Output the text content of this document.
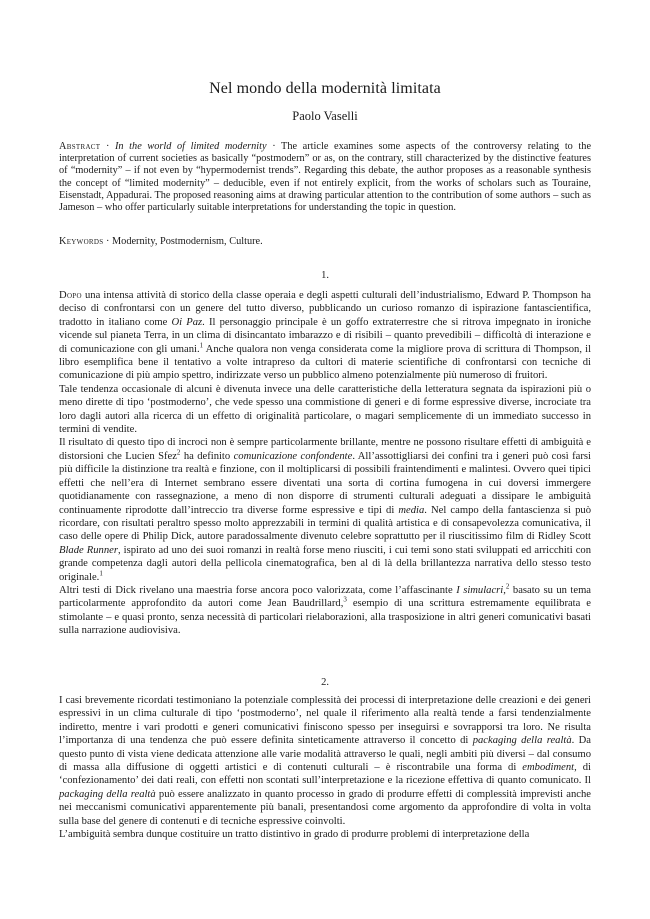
Nel mondo della modernità limitata
Paolo Vaselli
Abstract · In the world of limited modernity · The article examines some aspects of the controversy relating to the interpretation of current societies as basically “postmodern” or as, on the contrary, still characterized by the distinctive features of “modernity” – if not even by “hypermodernist trends”. Regarding this debate, the author proposes as a reasonable synthesis the concept of “limited modernity” – deducible, even if not entirely explicit, from the works of scholars such as Touraine, Eisenstadt, Appadurai. The proposed reasoning aims at drawing particular attention to the contribution of some authors – such as Jameson – who offer particularly suitable interpretations for understanding the topic in question.
Keywords · Modernity, Postmodernism, Culture.
1.

Dopo una intensa attività di storico della classe operaia e degli aspetti culturali dell’industrialismo, Edward P. Thompson ha deciso di confrontarsi con un genere del tutto diverso, pubblicando un curioso romanzo di ispirazione fantascientifica, tradotto in italiano come Oi Paz. Il personaggio principale è un goffo extraterrestre che si ritrova impegnato in ironiche vicende sul pianeta Terra, in un clima di disincantato imbarazzo e di risibili – quanto prevedibili – difficoltà di interazione e di comunicazione con gli umani.$^1$ Anche qualora non venga considerata come la migliore prova di scrittura di Thompson, il libro esemplifica bene il tentativo a volte intrapreso da cultori di materie scientifiche di confrontarsi con tecniche di comunicazione di più ampio spettro, indirizzate verso un pubblico almeno potenzialmente più numeroso di fruitori.

Tale tendenza occasionale di alcuni è divenuta invece una delle caratteristiche della letteratura segnata da ispirazioni più o meno dirette di tipo ‘postmoderno’, che vede spesso una commistione di generi e di forme espressive diverse, incrociate tra loro dagli autori alla ricerca di un effetto di originalità particolare, o magari semplicemente di un immediato successo in termini di vendite.

Il risultato di questo tipo di incroci non è sempre particolarmente brillante, mentre ne possono risultare effetti di ambiguità e distorsioni che Lucien Sfez$^2$ ha definito comunicazione confondente. All’assottigliarsi dei confini tra i generi può così farsi più difficile la distinzione tra realtà e finzione, con il moltiplicarsi di possibili fraintendimenti e malintesi. Ovvero quei tipici effetti che nell’era di Internet sembrano essere diventati una sorta di cortina fumogena in cui doversi immergere quotidianamente con rassegnazione, a meno di non disporre di strumenti culturali adeguati a dissipare le ambiguità continuamente riprodotte dall’intreccio tra diverse forme espressive e tipi di media. Nel campo della fantascienza si può ricordare, con risultati peraltro spesso molto apprezzabili in termini di qualità artistica e di consapevolezza comunicativa, il caso delle opere di Philip Dick, autore paradossalmente divenuto celebre soprattutto per il riuscitissimo film di Ridley Scott Blade Runner, ispirato ad uno dei suoi romanzi in realtà forse meno riusciti, i cui temi sono stati sviluppati ed arricchiti con grande competenza dagli autori della pellicola cinematografica, ben al di là della brillantezza narrativa dello stesso testo originale.$^1$

Altri testi di Dick rivelano una maestria forse ancora poco valorizzata, come l’affascinante I simulacri,$^2$ basato su un tema particolarmente approfondito da autori come Jean Baudrillard,$^3$ esempio di una scrittura estremamente equilibrata e stimolante – e quasi pronto, senza necessità di particolari rielaborazioni, alla trasposizione in altri generi comunicativi basati sulla narrazione audiovisiva.

2.

I casi brevemente ricordati testimoniano la potenziale complessità dei processi di interpretazione delle creazioni e dei generi espressivi in un clima culturale di tipo ‘postmoderno’, nel quale il riferimento alla realtà tende a farsi tendenzialmente indiretto, mentre i vari prodotti e generi comunicativi finiscono spesso per inseguirsi e sovrapporsi tra loro. Ne risulta l’importanza di una tendenza che può essere definita sinteticamente attraverso il concetto di packaging della realtà. Da questo punto di vista viene dedicata attenzione alle varie modalità attraverso le quali, negli ambiti più diversi – dal consumo di massa alla diffusione di oggetti artistici e di contenuti culturali – è riscontrabile una forma di embodiment, di ‘confezionamento’ dei dati reali, con effetti non scontati sull’interpretazione e la ricezione effettiva di quanto comunicato. Il packaging della realtà può essere analizzato in quanto processo in grado di produrre effetti di complessità imprevisti anche nei meccanismi comunicativi apparentemente più banali, presentandosi come argomento da approfondire di volta in volta sulla base del genere di contenuti e di tecniche espressive coinvolti.

L’ambiguità sembra dunque costituire un tratto distintivo in grado di produrre problemi di interpretazione della
